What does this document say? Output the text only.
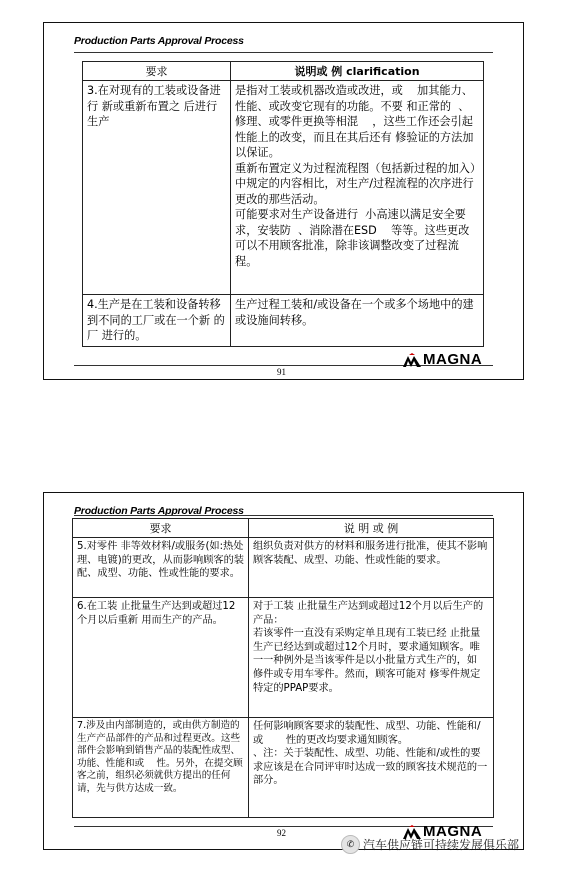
Production Parts Approval Process
要求	说明或 例 clarification
3.在对现有的工装或设备进行 新或重新布置之 后进行生产	是指对工装或机器改造或改进，或    加其能力、性能、或改变它现有的功能。不要 和正常的  、修理、或零件更换等相混    ，这些工作还会引起性能上的改变，而且在其后还有 修验证的方法加以保证。
重新布置定义为过程流程图（包括新过程的加入）中规定的内容相比，对生产/过程流程的次序进行更改的那些活动。
可能要求对生产设备进行  小高速以满足安全要求，安装防  、消除潜在ESD    等等。这些更改可以不用顾客批准，除非该调整改变了过程流程。
4.生产是在工装和设备转移到不同的工厂或在一个新 的厂 进行的。	生产过程工装和/或设备在一个或多个场地中的建 或设施间转移。
91
MAGNA
Production Parts Approval Process
要求	说 明 或 例
5.对零件 非等效材料/或服务(如:热处理、电镀)的更改，从而影响顾客的装配、成型、功能、性或性能的要求。	组织负责对供方的材料和服务进行批准，使其不影响顾客装配、成型、功能、性或性能的要求。
6.在工装 止批量生产达到或超过12个月以后重新 用而生产的产品。	对于工装 止批量生产达到或超过12个月以后生产的产品：
若该零件一直没有采购定单且现有工装已经 止批量生产已经达到或超过12个月时，要求通知顾客。唯一一种例外是当该零件是以小批量方式生产的，如 修件或专用车零件。然而，顾客可能对 修零件规定特定的PPAP要求。
7.涉及由内部制造的，或由供方制造的生产产品部件的产品和过程更改。这些部件会影响到销售产品的装配性成型、功能、性能和或    性。另外，在提交顾客之前，组织必须就供方提出的任何 请，先与供方达成一致。	任何影响顾客要求的装配性、成型、功能、性能和/或       性的更改均要求通知顾客。
、注：关于装配性、成型、功能、性能和/或性的要求应该是在合同评审时达成一致的顾客技术规范的一部分。
92	MAGNA
✆ 汽车供应链可持续发展俱乐部
